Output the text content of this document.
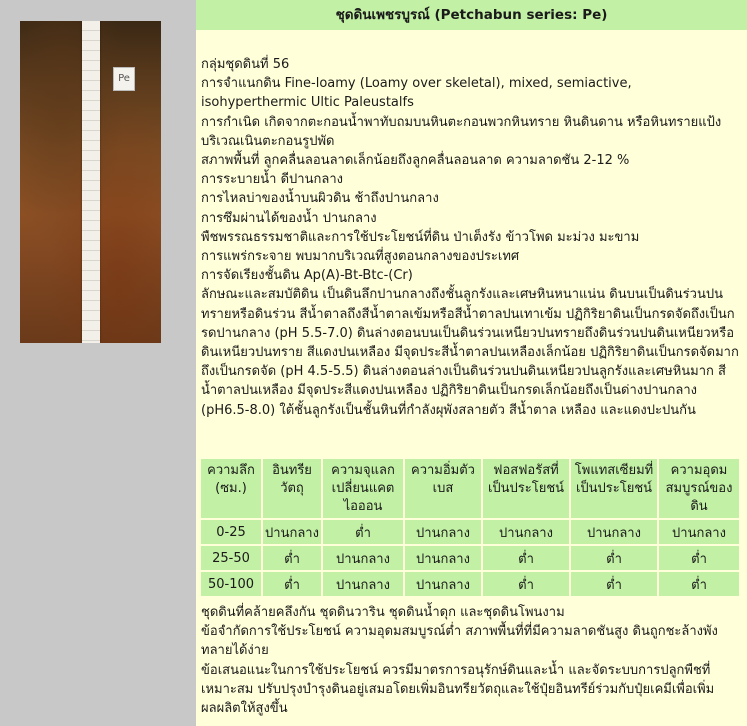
Pe
ชุดดินเพชรบูรณ์ (Petchabun series: Pe)

กลุ่มชุดดินที่ 56

การจำแนกดิน Fine-loamy (Loamy over skeletal), mixed, semiactive, isohyperthermic Ultic Paleustalfs

การกำเนิด เกิดจากตะกอนน้ำพาทับถมบนหินตะกอนพวกหินทราย หินดินดาน หรือหินทรายแป้ง บริเวณเนินตะกอนรูปพัด

สภาพพื้นที่ ลูกคลื่นลอนลาดเล็กน้อยถึงลูกคลื่นลอนลาด ความลาดชัน 2-12 %

การระบายน้ำ ดีปานกลาง

การไหลบ่าของน้ำบนผิวดิน ช้าถึงปานกลาง

การซึมผ่านได้ของน้ำ ปานกลาง

พืชพรรณธรรมชาติและการใช้ประโยชน์ที่ดิน ป่าเต็งรัง ข้าวโพด มะม่วง มะขาม

การแพร่กระจาย พบมากบริเวณที่สูงตอนกลางของประเทศ

การจัดเรียงชั้นดิน Ap(A)-Bt-Btc-(Cr)

ลักษณะและสมบัติดิน เป็นดินลึกปานกลางถึงชั้นลูกรังและเศษหินหนาแน่น ดินบนเป็นดินร่วนปนทรายหรือดินร่วน สีน้ำตาลถึงสีน้ำตาลเข้มหรือสีน้ำตาลปนเทาเข้ม ปฏิกิริยาดินเป็นกรดจัดถึงเป็นกรดปานกลาง (pH 5.5-7.0) ดินล่างตอนบนเป็นดินร่วนเหนียวปนทรายถึงดินร่วนปนดินเหนียวหรือดินเหนียวปนทราย สีแดงปนเหลือง มีจุดประสีน้ำตาลปนเหลืองเล็กน้อย ปฏิกิริยาดินเป็นกรดจัดมากถึงเป็นกรดจัด (pH 4.5-5.5) ดินล่างตอนล่างเป็นดินร่วนปนดินเหนียวปนลูกรังและเศษหินมาก สีน้ำตาลปนเหลือง มีจุดประสีแดงปนเหลือง ปฏิกิริยาดินเป็นกรดเล็กน้อยถึงเป็นด่างปานกลาง (pH6.5-8.0) ใต้ชั้นลูกรังเป็นชั้นหินที่กำลังผุพังสลายตัว สีน้ำตาล เหลือง และแดงปะปนกัน

ความลึก (ซม.)	อินทรียวัตถุ	ความจุแลกเปลี่ยนแคตไอออน	ความอิ่มตัวเบส	ฟอสฟอรัสที่เป็นประโยชน์	โพแทสเซียมที่เป็นประโยชน์	ความอุดมสมบูรณ์ของดิน
0-25	ปานกลาง	ต่ำ	ปานกลาง	ปานกลาง	ปานกลาง	ปานกลาง
25-50	ต่ำ	ปานกลาง	ปานกลาง	ต่ำ	ต่ำ	ต่ำ
50-100	ต่ำ	ปานกลาง	ปานกลาง	ต่ำ	ต่ำ	ต่ำ

ชุดดินที่คล้ายคลึงกัน ชุดดินวาริน ชุดดินน้ำดุก และชุดดินโพนงาม

ข้อจำกัดการใช้ประโยชน์ ความอุดมสมบูรณ์ต่ำ สภาพพื้นที่ที่มีความลาดชันสูง ดินถูกชะล้างพังทลายได้ง่าย

ข้อเสนอแนะในการใช้ประโยชน์ ควรมีมาตรการอนุรักษ์ดินและน้ำ และจัดระบบการปลูกพืชที่เหมาะสม ปรับปรุงบำรุงดินอยู่เสมอโดยเพิ่มอินทรียวัตถุและใช้ปุ๋ยอินทรีย์ร่วมกับปุ๋ยเคมีเพื่อเพิ่มผลผลิตให้สูงขึ้น
